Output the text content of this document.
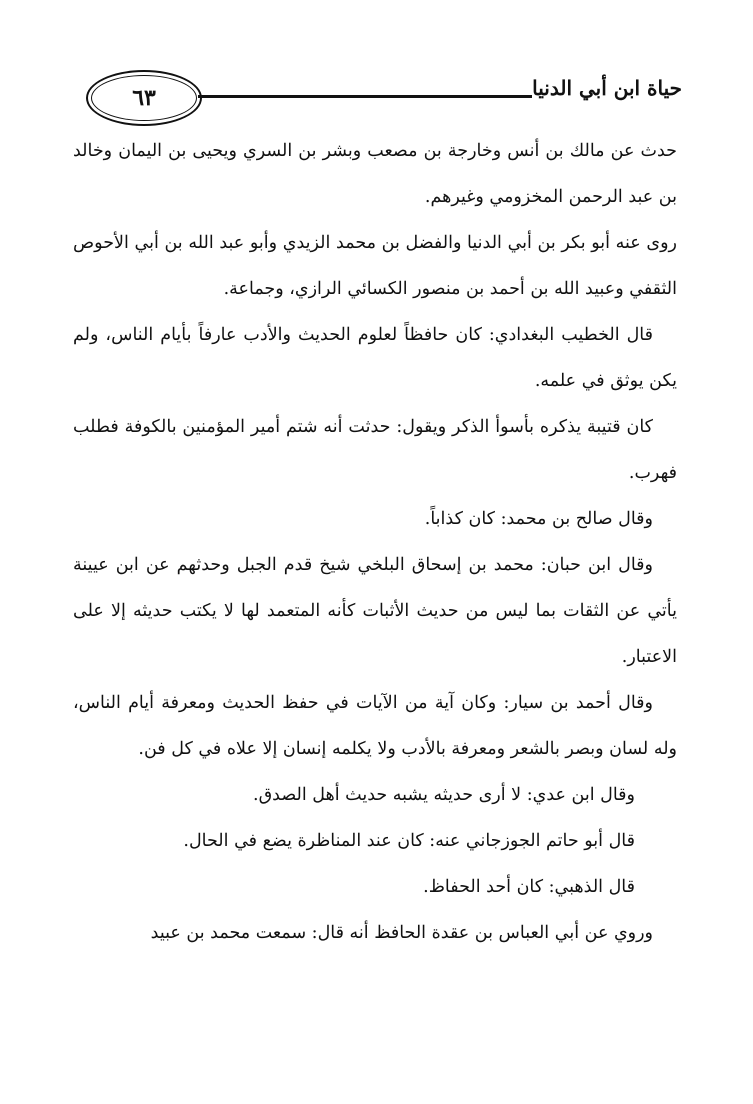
٦٣	حياة ابن أبي الدنيا

حدث عن مالك بن أنس وخارجة بن مصعب وبشر بن السري ويحيى بن اليمان وخالد بن عبد الرحمن المخزومي وغيرهم.

روى عنه أبو بكر بن أبي الدنيا والفضل بن محمد الزيدي وأبو عبد الله بن أبي الأحوص الثقفي وعبيد الله بن أحمد بن منصور الكسائي الرازي، وجماعة.

قال الخطيب البغدادي: كان حافظاً لعلوم الحديث والأدب عارفاً بأيام الناس، ولم يكن يوثق في علمه.

كان قتيبة يذكره بأسوأ الذكر ويقول: حدثت أنه شتم أمير المؤمنين بالكوفة فطلب فهرب.

وقال صالح بن محمد: كان كذاباً.

وقال ابن حبان: محمد بن إسحاق البلخي شيخ قدم الجبل وحدثهم عن ابن عيينة يأتي عن الثقات بما ليس من حديث الأثبات كأنه المتعمد لها لا يكتب حديثه إلا على الاعتبار.

وقال أحمد بن سيار: وكان آية من الآيات في حفظ الحديث ومعرفة أيام الناس، وله لسان وبصر بالشعر ومعرفة بالأدب ولا يكلمه إنسان إلا علاه في كل فن.

وقال ابن عدي: لا أرى حديثه يشبه حديث أهل الصدق.

قال أبو حاتم الجوزجاني عنه: كان عند المناظرة يضع في الحال.

قال الذهبي: كان أحد الحفاظ.

وروي عن أبي العباس بن عقدة الحافظ أنه قال: سمعت محمد بن عبيد
